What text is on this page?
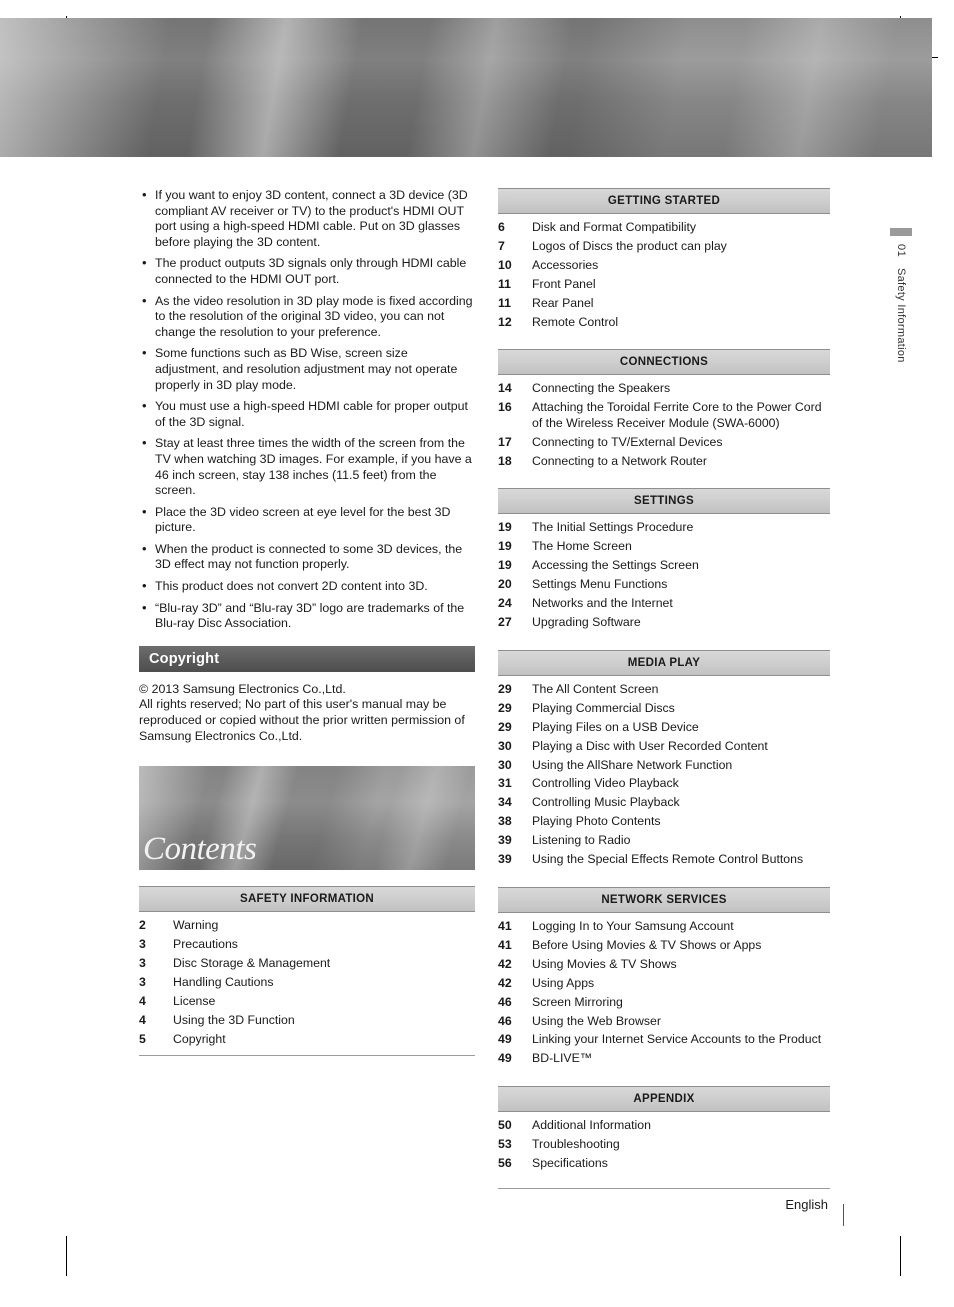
01 Safety Information
• If you want to enjoy 3D content, connect a 3D device (3D compliant AV receiver or TV) to the product's HDMI OUT port using a high-speed HDMI cable. Put on 3D glasses before playing the 3D content.
• The product outputs 3D signals only through HDMI cable connected to the HDMI OUT port.
• As the video resolution in 3D play mode is fixed according to the resolution of the original 3D video, you can not change the resolution to your preference.
• Some functions such as BD Wise, screen size adjustment, and resolution adjustment may not operate properly in 3D play mode.
• You must use a high-speed HDMI cable for proper output of the 3D signal.
• Stay at least three times the width of the screen from the TV when watching 3D images. For example, if you have a 46 inch screen, stay 138 inches (11.5 feet) from the screen.
• Place the 3D video screen at eye level for the best 3D picture.
• When the product is connected to some 3D devices, the 3D effect may not function properly.
• This product does not convert 2D content into 3D.
• “Blu-ray 3D” and “Blu-ray 3D” logo are trademarks of the Blu-ray Disc Association.
Copyright

© 2013 Samsung Electronics Co.,Ltd.

All rights reserved; No part of this user's manual may be reproduced or copied without the prior written permission of Samsung Electronics Co.,Ltd.

Contents
SAFETY INFORMATION
2	Warning
3	Precautions
3	Disc Storage & Management
3	Handling Cautions
4	License
4	Using the 3D Function
5	Copyright
GETTING STARTED
6	Disk and Format Compatibility
7	Logos of Discs the product can play
10	Accessories
11	Front Panel
11	Rear Panel
12	Remote Control
CONNECTIONS
14	Connecting the Speakers
16	Attaching the Toroidal Ferrite Core to the Power Cord of the Wireless Receiver Module (SWA-6000)
17	Connecting to TV/External Devices
18	Connecting to a Network Router
SETTINGS
19	The Initial Settings Procedure
19	The Home Screen
19	Accessing the Settings Screen
20	Settings Menu Functions
24	Networks and the Internet
27	Upgrading Software
MEDIA PLAY
29	The All Content Screen
29	Playing Commercial Discs
29	Playing Files on a USB Device
30	Playing a Disc with User Recorded Content
30	Using the AllShare Network Function
31	Controlling Video Playback
34	Controlling Music Playback
38	Playing Photo Contents
39	Listening to Radio
39	Using the Special Effects Remote Control Buttons
NETWORK SERVICES
41	Logging In to Your Samsung Account
41	Before Using Movies & TV Shows or Apps
42	Using Movies & TV Shows
42	Using Apps
46	Screen Mirroring
46	Using the Web Browser
49	Linking your Internet Service Accounts to the Product
49	BD-LIVE™
APPENDIX
50	Additional Information
53	Troubleshooting
56	Specifications
English
